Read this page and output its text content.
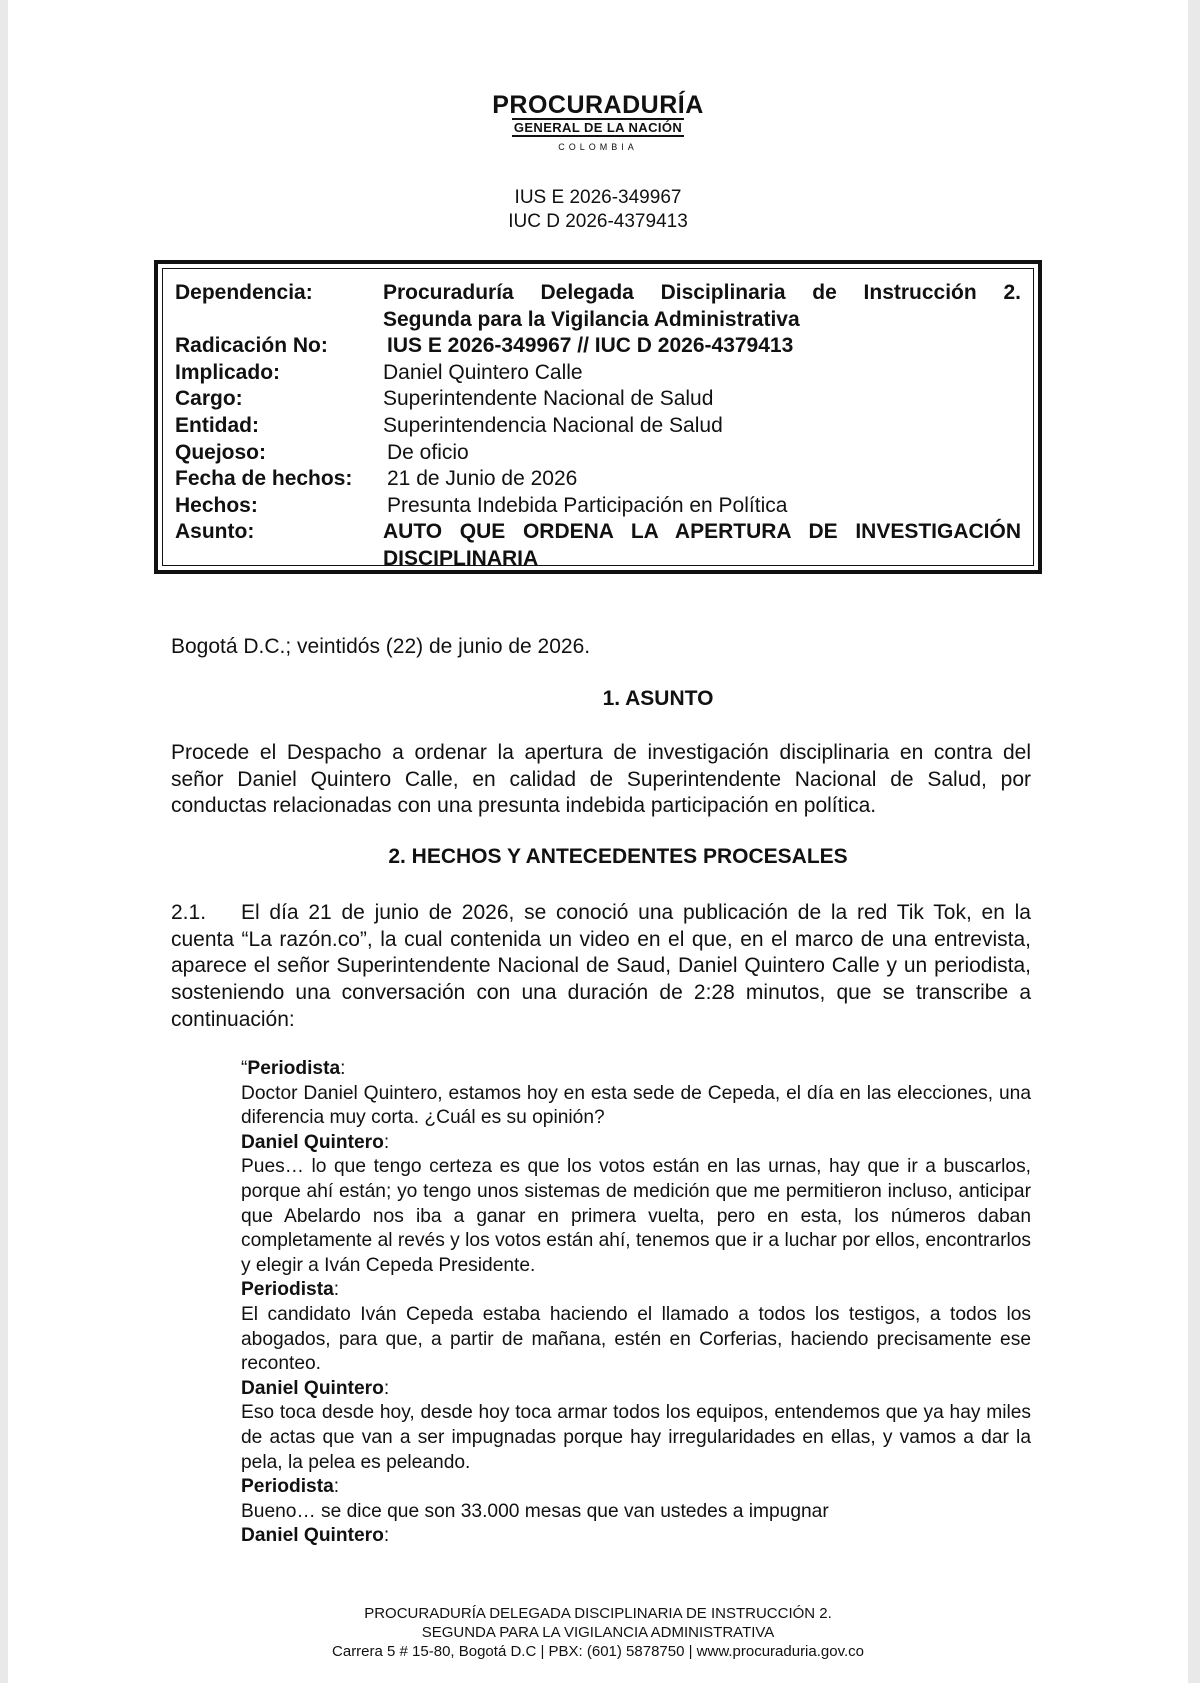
PROCURADURÍA
GENERAL DE LA NACIÓN
COLOMBIA
IUS E 2026-349967
IUC D 2026-4379413
Dependencia:	Procuraduría Delegada Disciplinaria de Instrucción 2.
Segunda para la Vigilancia Administrativa
Radicación No:	IUS E 2026-349967 // IUC D 2026-4379413
Implicado:	Daniel Quintero Calle
Cargo:	Superintendente Nacional de Salud
Entidad:	Superintendencia Nacional de Salud
Quejoso:	De oficio
Fecha de hechos:	21 de Junio de 2026
Hechos:	Presunta Indebida Participación en Política
Asunto:	AUTO QUE ORDENA LA APERTURA DE INVESTIGACIÓN
DISCIPLINARIA
Bogotá D.C.; veintidós (22) de junio de 2026.
1. ASUNTO
Procede el Despacho a ordenar la apertura de investigación disciplinaria en contra del señor Daniel Quintero Calle, en calidad de Superintendente Nacional de Salud, por conductas relacionadas con una presunta indebida participación en política.
2. HECHOS Y ANTECEDENTES PROCESALES
2.1. El día 21 de junio de 2026, se conoció una publicación de la red Tik Tok, en la cuenta “La razón.co”, la cual contenida un video en el que, en el marco de una entrevista, aparece el señor Superintendente Nacional de Saud, Daniel Quintero Calle y un periodista, sosteniendo una conversación con una duración de 2:28 minutos, que se transcribe a continuación:
“Periodista:
Doctor Daniel Quintero, estamos hoy en esta sede de Cepeda, el día en las elecciones, una diferencia muy corta. ¿Cuál es su opinión?
Daniel Quintero:
Pues… lo que tengo certeza es que los votos están en las urnas, hay que ir a buscarlos, porque ahí están; yo tengo unos sistemas de medición que me permitieron incluso, anticipar que Abelardo nos iba a ganar en primera vuelta, pero en esta, los números daban completamente al revés y los votos están ahí, tenemos que ir a luchar por ellos, encontrarlos y elegir a Iván Cepeda Presidente.
Periodista:
El candidato Iván Cepeda estaba haciendo el llamado a todos los testigos, a todos los abogados, para que, a partir de mañana, estén en Corferias, haciendo precisamente ese reconteo.
Daniel Quintero:
Eso toca desde hoy, desde hoy toca armar todos los equipos, entendemos que ya hay miles de actas que van a ser impugnadas porque hay irregularidades en ellas, y vamos a dar la pela, la pelea es peleando.
Periodista:
Bueno… se dice que son 33.000 mesas que van ustedes a impugnar
Daniel Quintero:
PROCURADURÍA DELEGADA DISCIPLINARIA DE INSTRUCCIÓN 2.
SEGUNDA PARA LA VIGILANCIA ADMINISTRATIVA
Carrera 5 # 15-80, Bogotá D.C | PBX: (601) 5878750 | www.procuraduria.gov.co
